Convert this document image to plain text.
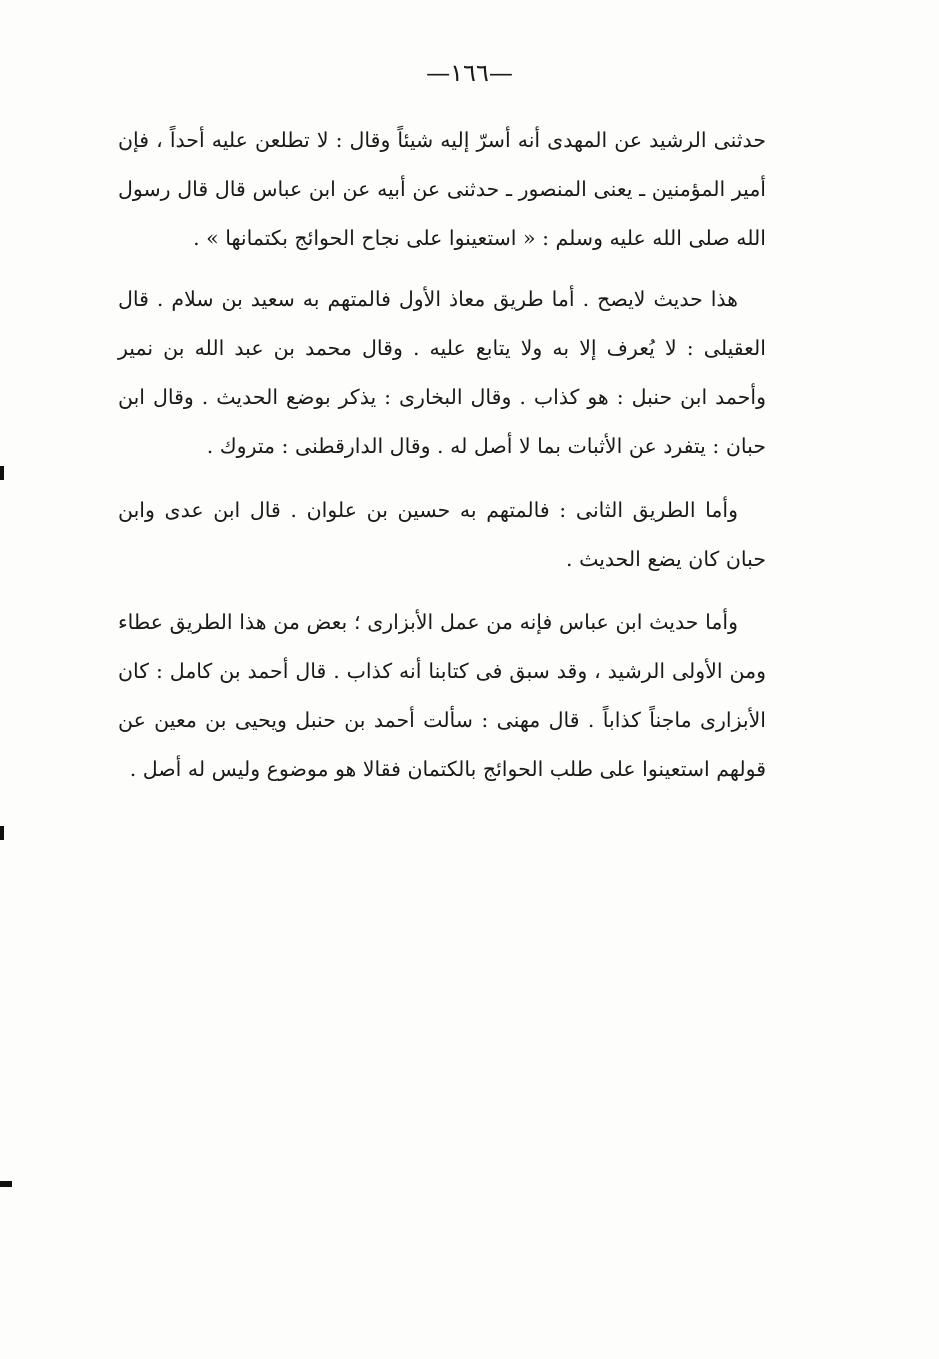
—١٦٦—

حدثنى الرشيد عن المهدى أنه أسرّ إليه شيئاً وقال : لا تطلعن عليه أحداً ، فإن أمير المؤمنين ـ يعنى المنصور ـ حدثنى عن أبيه عن ابن عباس قال قال رسول الله صلى الله عليه وسلم : « استعينوا على نجاح الحوائج بكتمانها » .

هذا حديث لايصح . أما طريق معاذ الأول فالمتهم به سعيد بن سلام . قال العقيلى : لا يُعرف إلا به ولا يتابع عليه . وقال محمد بن عبد الله بن نمير وأحمد ابن حنبل : هو كذاب . وقال البخارى : يذكر بوضع الحديث . وقال ابن حبان : يتفرد عن الأثبات بما لا أصل له . وقال الدارقطنى : متروك .

وأما الطريق الثانى : فالمتهم به حسين بن علوان . قال ابن عدى وابن حبان كان يضع الحديث .

وأما حديث ابن عباس فإنه من عمل الأبزارى ؛ بعض من هذا الطريق عطاء ومن الأولى الرشيد ، وقد سبق فى كتابنا أنه كذاب . قال أحمد بن كامل : كان الأبزارى ماجناً كذاباً . قال مهنى : سألت أحمد بن حنبل ويحيى بن معين عن قولهم استعينوا على طلب الحوائج بالكتمان فقالا هو موضوع وليس له أصل .
